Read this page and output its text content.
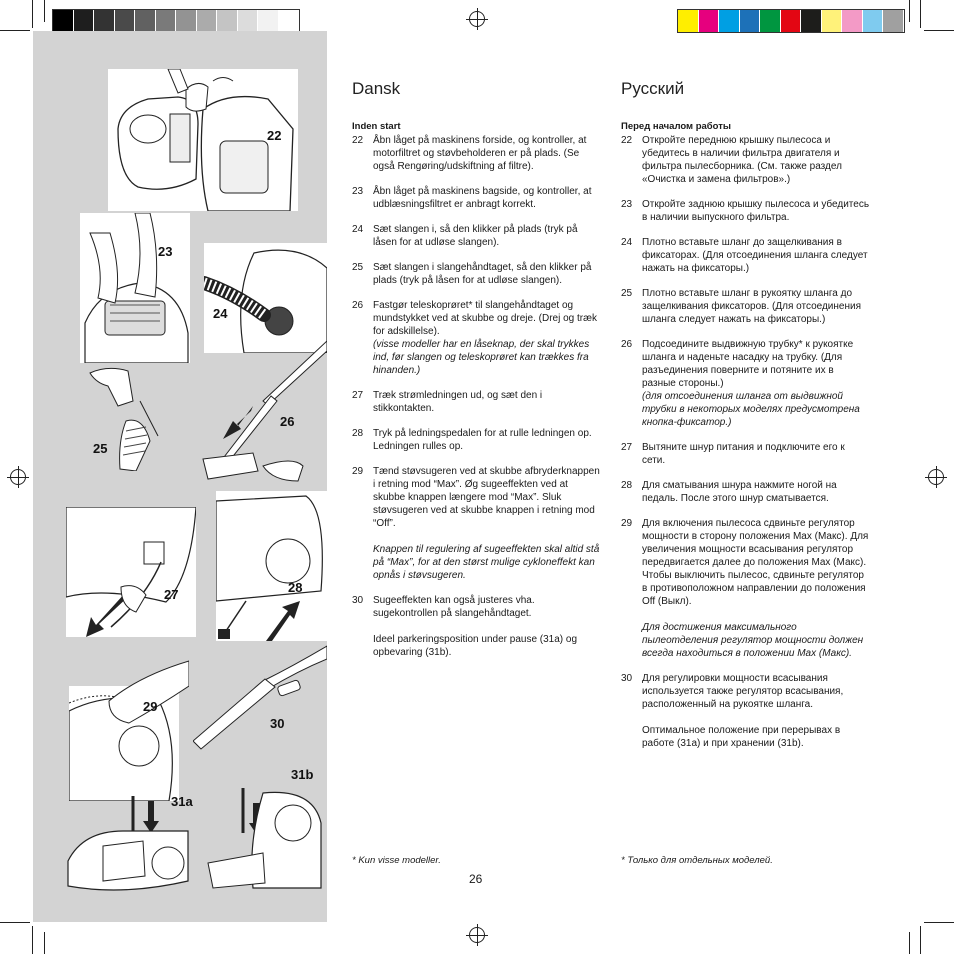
22
23
24
25
26
27	28
29
30
31a
31b
Dansk
Inden start
22 Åbn låget på maskinens forside, og kontroller, at motorfiltret og støvbeholderen er på plads. (Se også Rengøring/udskiftning af filtre).
23 Åbn låget på maskinens bagside, og kontroller, at udblæsningsfiltret er anbragt korrekt.
24 Sæt slangen i, så den klikker på plads (tryk på låsen for at udløse slangen).
25 Sæt slangen i slangehåndtaget, så den klikker på plads (tryk på låsen for at udløse slangen).
26 Fastgør teleskoprøret* til slangehåndtaget og mundstykket ved at skubbe og dreje. (Drej og træk for adskillelse).
(visse modeller har en låseknap, der skal trykkes ind, før slangen og teleskoprøret kan trækkes fra hinanden.)
27 Træk strømledningen ud, og sæt den i stikkontakten.
28 Tryk på ledningspedalen for at rulle ledningen op. Ledningen rulles op.
29 Tænd støvsugeren ved at skubbe afbryderknappen i retning mod “Max”. Øg sugeeffekten ved at skubbe knappen længere mod “Max”. Sluk støvsugeren ved at skubbe knappen i retning mod “Off”.
Knappen til regulering af sugeeffekten skal altid stå på “Max”, for at den størst mulige cykloneffekt kan opnås i støvsugeren.
30 Sugeeffekten kan også justeres vha. sugekontrollen på slangehåndtaget.
Ideel parkeringsposition under pause (31a) og opbevaring (31b).
* Kun visse modeller.
Русский
Перед началом работы
22 Откройте переднюю крышку пылесоса и убедитесь в наличии фильтра двигателя и фильтра пылесборника. (См. также раздел «Очистка и замена фильтров».)
23 Откройте заднюю крышку пылесоса и убедитесь в наличии выпускного фильтра.
24 Плотно вставьте шланг до защелкивания в фиксаторах. (Для отсоединения шланга следует нажать на фиксаторы.)
25 Плотно вставьте шланг в рукоятку шланга до защелкивания фиксаторов. (Для отсоединения шланга следует нажать на фиксаторы.)
26 Подсоедините выдвижную трубку* к рукоятке шланга и наденьте насадку на трубку. (Для разъединения поверните и потяните их в разные стороны.)
(для отсоединения шланга от выдвижной трубки в некоторых моделях предусмотрена кнопка-фиксатор.)
27 Вытяните шнур питания и подключите его к сети.
28 Для сматывания шнура нажмите ногой на педаль. После этого шнур сматывается.
29 Для включения пылесоса сдвиньте регулятор мощности в сторону положения Max (Макс). Для увеличения мощности всасывания регулятор передвигается далее до положения Max (Макс). Чтобы выключить пылесос, сдвиньте регулятор в противоположном направлении до положения Off (Выкл).
Для достижения максимального пылеотделения регулятор мощности должен всегда находиться в положении Max (Макс).
30 Для регулировки мощности всасывания используется также регулятор всасывания, расположенный на рукоятке шланга.
Оптимальное положение при перерывах в работе (31a) и при хранении (31b).
* Только для отдельных моделей.
26
